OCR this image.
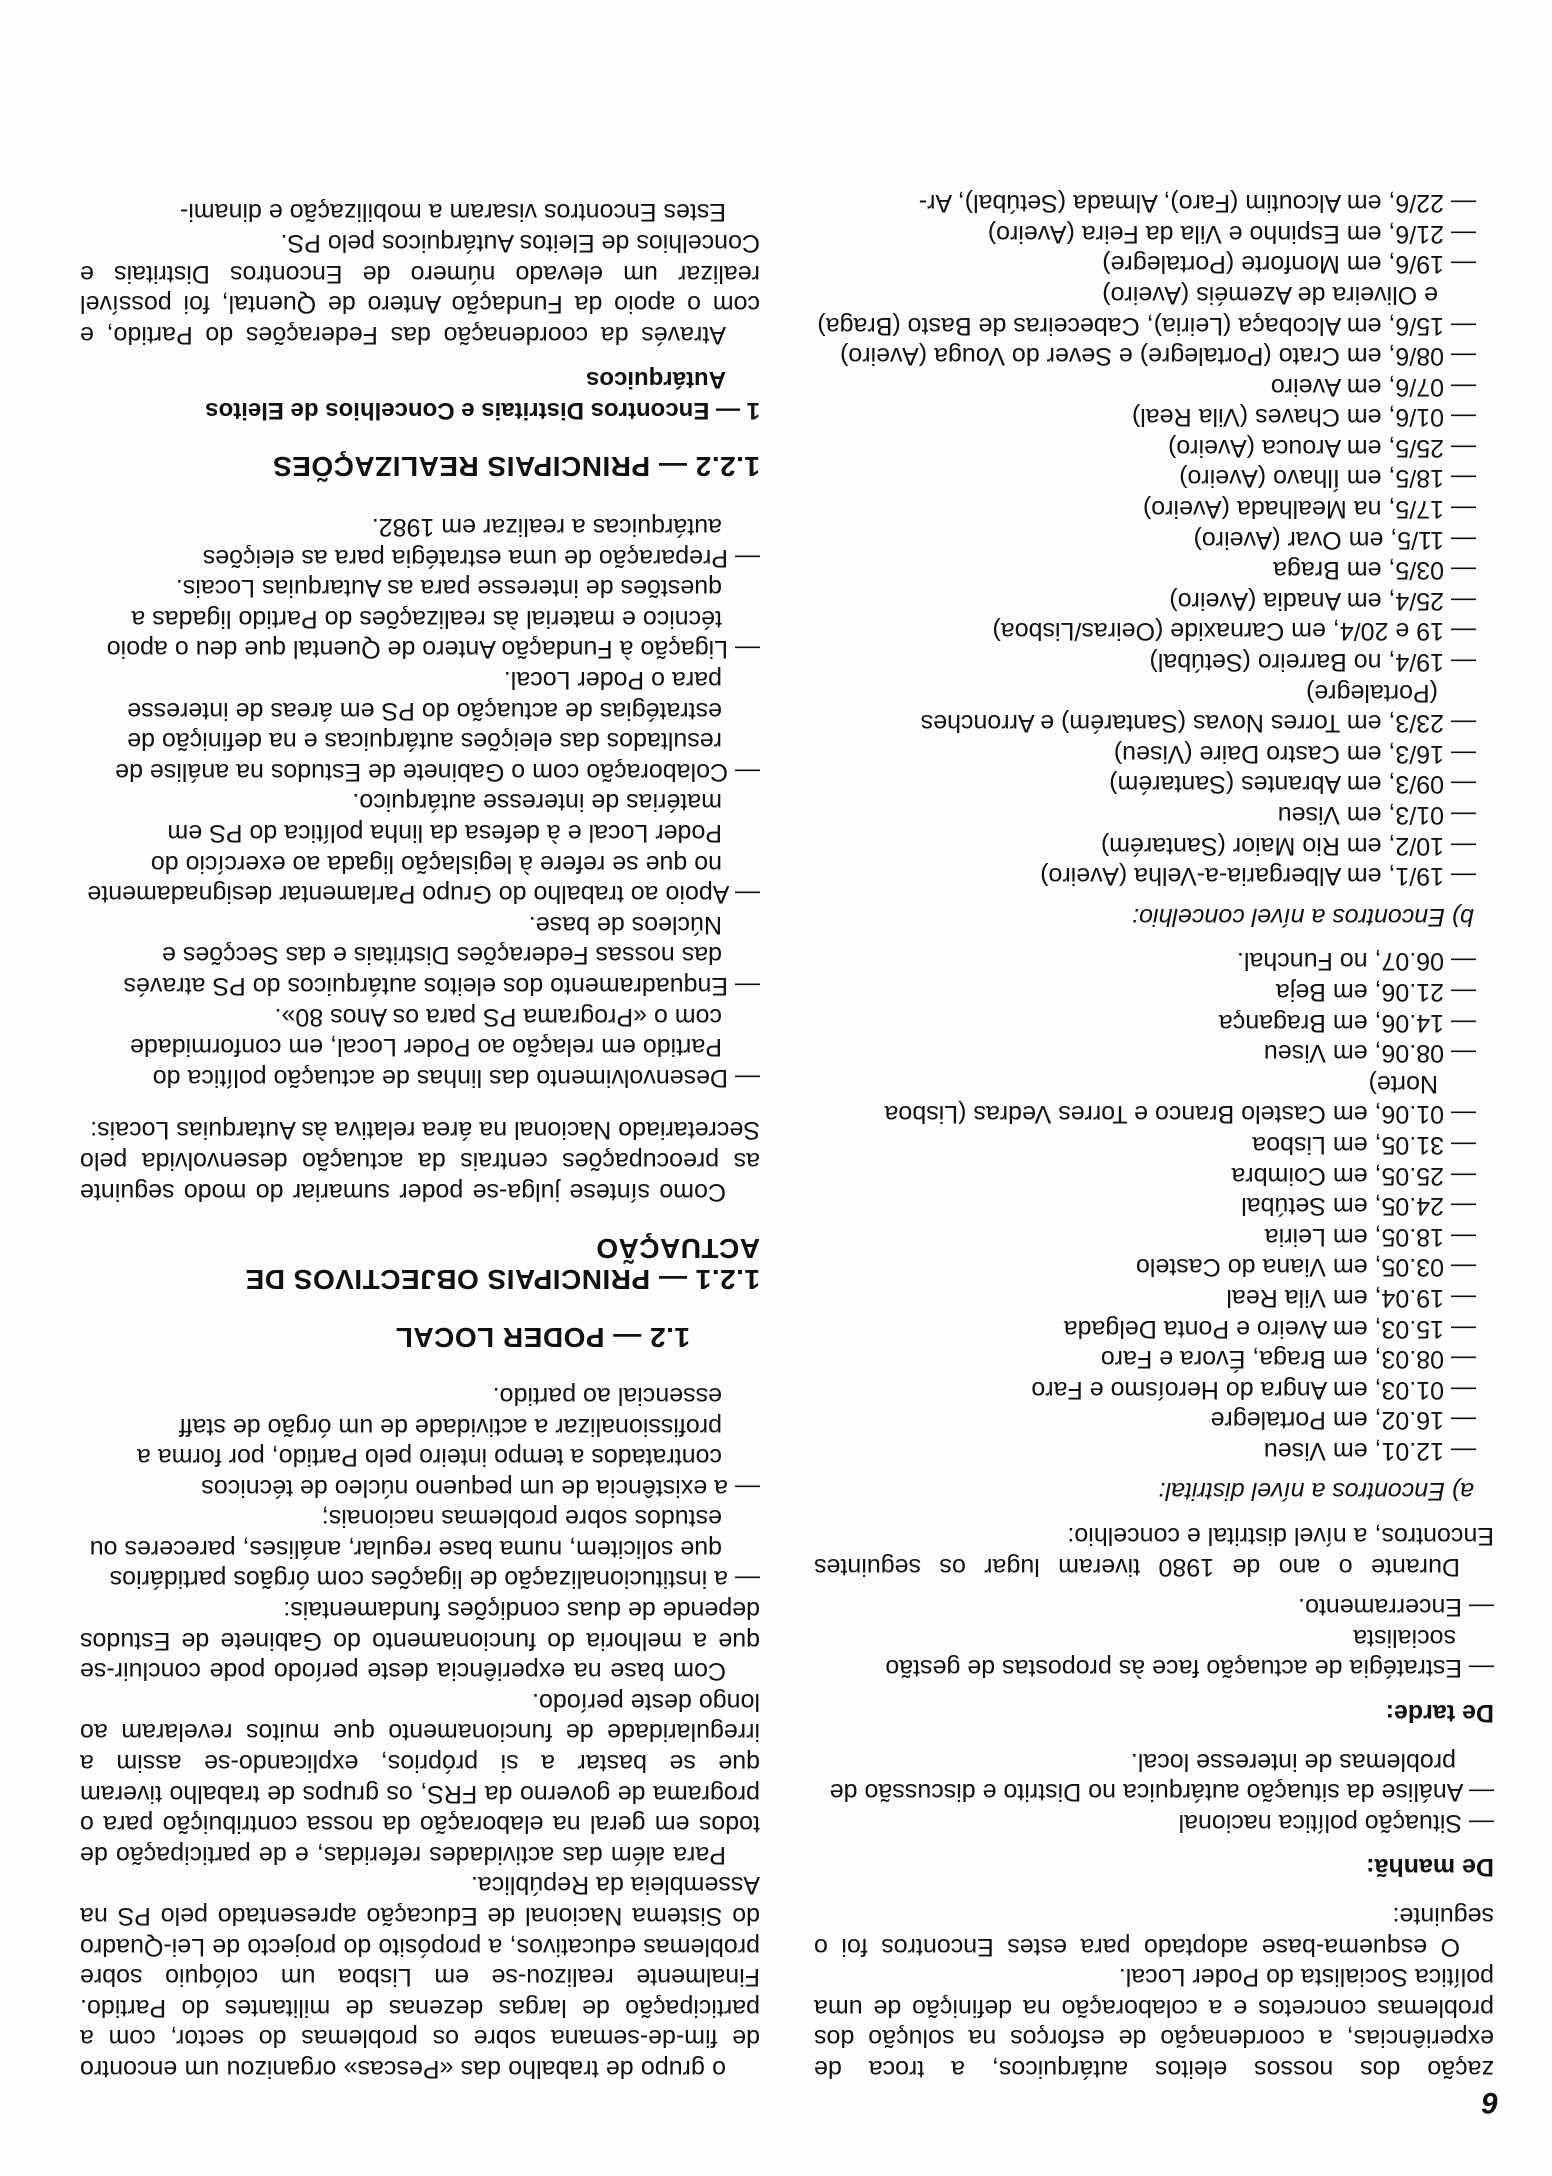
6

o grupo de trabalho das «Pescas» organizou um encontro de fim-de-semana sobre os problemas do sector, com a participação de largas dezenas de militantes do Partido. Finalmente realizou-se em Lisboa um colóquio sobre problemas educativos, a propósito do projecto de Lei-Quadro do Sistema Nacional de Educação apresentado pelo PS na Assembleia da República.

Para além das actividades referidas, e de participação de todos em geral na elaboração da nossa contribuição para o programa de governo da FRS, os grupos de trabalho tiveram que se bastar a si próprios, explicando-se assim a irregularidade de funcionamento que muitos revelaram ao longo deste período.

Com base na experiência deste período pode concluir-se que a melhoria do funcionamento do Gabinete de Estudos depende de duas condições fundamentais:

— a institucionalização de ligações com órgãos partidários que solicitem, numa base regular, análises, pareceres ou estudos sobre problemas nacionais;

— a existência de um pequeno núcleo de técnicos contratados a tempo inteiro pelo Partido, por forma a profissionalizar a actividade de um órgão de staff essencial ao partido.

1.2 — PODER LOCAL
1.2.1 — PRINCIPAIS OBJECTIVOS DE ACTUAÇÃO

Como síntese julga-se poder sumariar do modo seguinte as preocupações centrais da actuação desenvolvida pelo Secretariado Nacional na área relativa às Autarquias Locais:

— Desenvolvimento das linhas de actuação política do Partido em relação ao Poder Local, em conformidade com o «Programa PS para os Anos 80».

— Enquadramento dos eleitos autárquicos do PS através das nossas Federações Distritais e das Secções e Núcleos de base.

— Apoio ao trabalho do Grupo Parlamentar designadamente no que se refere à legislação ligada ao exercício do Poder Local e à defesa da linha política do PS em matérias de interesse autárquico.

— Colaboração com o Gabinete de Estudos na análise de resultados das eleições autárquicas e na definição de estratégias de actuação do PS em áreas de interesse para o Poder Local.

— Ligação à Fundação Antero de Quental que deu o apoio técnico e material às realizações do Partido ligadas a questões de interesse para as Autarquias Locais.

— Preparação de uma estratégia para as eleições autárquicas a realizar em 1982.

1.2.2 — PRINCIPAIS REALIZAÇÕES
1 — Encontros Distritais e Concelhios de Eleitos Autárquicos

Através da coordenação das Federações do Partido, e com o apoio da Fundação Antero de Quental, foi possível realizar um elevado número de Encontros Distritais e Concelhios de Eleitos Autárquicos pelo PS.

Estes Encontros visaram a mobilização e dinami-

zação dos nossos eleitos autárquicos, a troca de experiências, a coordenação de esforços na solução dos problemas concretos e a colaboração na definição de uma política Socialista do Poder Local.

O esquema-base adoptado para estes Encontros foi o seguinte:

De manhã:

— Situação política nacional

— Análise da situação autárquica no Distrito e discussão de problemas de interesse local.

De tarde:

— Estratégia de actuação face às propostas de gestão socialista

— Encerramento.

Durante o ano de 1980 tiveram lugar os seguintes Encontros, a nível distrital e concelhio:

a) Encontros a nível distrital:

— 12.01, em Viseu

— 16.02, em Portalegre

— 01.03, em Angra do Heroísmo e Faro

— 08.03, em Braga, Évora e Faro

— 15.03, em Aveiro e Ponta Delgada

— 19.04, em Vila Real

— 03.05, em Viana do Castelo

— 18.05, em Leiria

— 24.05, em Setúbal

— 25.05, em Coimbra

— 31.05, em Lisboa

— 01.06, em Castelo Branco e Torres Vedras (Lisboa Norte)

— 08.06, em Viseu

— 14.06, em Bragança

— 21.06, em Beja

— 06.07, no Funchal.

b) Encontros a nível concelhio:

— 19/1, em Albergaria-a-Velha (Aveiro)

— 10/2, em Rio Maior (Santarém)

— 01/3, em Viseu

— 09/3, em Abrantes (Santarém)

— 16/3, em Castro Daire (Viseu)

— 23/3, em Torres Novas (Santarém) e Arronches (Portalegre)

— 19/4, no Barreiro (Setúbal)

— 19 e 20/4, em Carnaxide (Oeiras/Lisboa)

— 25/4, em Anadia (Aveiro)

— 03/5, em Braga

— 11/5, em Ovar (Aveiro)

— 17/5, na Mealhada (Aveiro)

— 18/5, em Ílhavo (Aveiro)

— 25/5, em Arouca (Aveiro)

— 01/6, em Chaves (Vila Real)

— 07/6, em Aveiro

— 08/6, em Crato (Portalegre) e Sever do Vouga (Aveiro)

— 15/6, em Alcobaça (Leiria), Cabeceiras de Basto (Braga) e Oliveira de Azeméis (Aveiro)

— 19/6, em Monforte (Portalegre)

— 21/6, em Espinho e Vila da Feira (Aveiro)

— 22/6, em Alcoutim (Faro), Almada (Setúbal), Ar-
